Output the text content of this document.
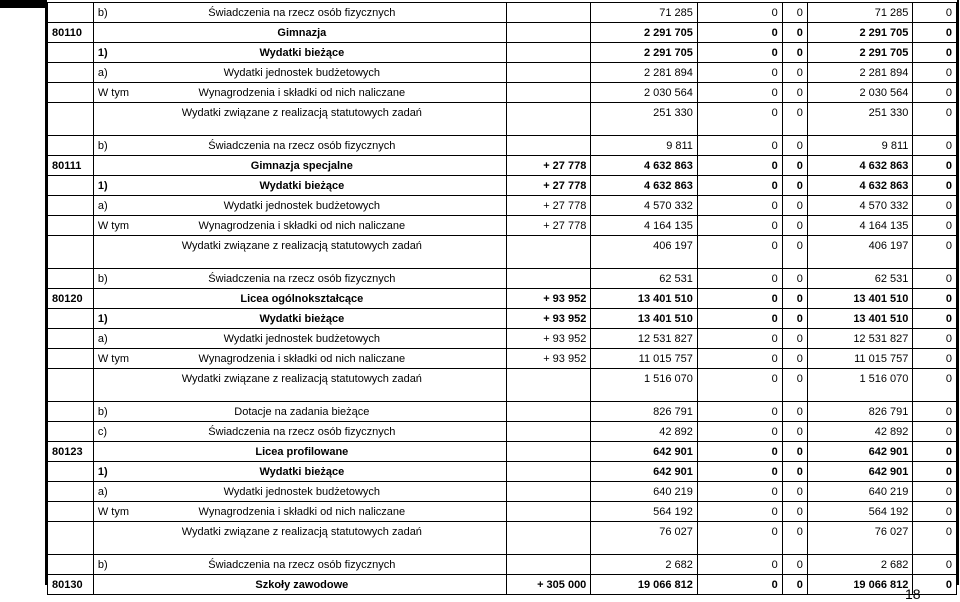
	b) Świadczenia na rzecz osób fizycznych		71 285	0	0	71 285	0
80110	Gimnazja		2 291 705	0	0	2 291 705	0
	1) Wydatki bieżące		2 291 705	0	0	2 291 705	0
	a) Wydatki jednostek budżetowych		2 281 894	0	0	2 281 894	0
	W tym Wynagrodzenia i składki od nich naliczane		2 030 564	0	0	2 030 564	0
	Wydatki związane z realizacją statutowych zadań		251 330	0	0	251 330	0
	b) Świadczenia na rzecz osób fizycznych		9 811	0	0	9 811	0
80111	Gimnazja specjalne	+ 27 778	4 632 863	0	0	4 632 863	0
	1) Wydatki bieżące	+ 27 778	4 632 863	0	0	4 632 863	0
	a) Wydatki jednostek budżetowych	+ 27 778	4 570 332	0	0	4 570 332	0
	W tym Wynagrodzenia i składki od nich naliczane	+ 27 778	4 164 135	0	0	4 164 135	0
	Wydatki związane z realizacją statutowych zadań		406 197	0	0	406 197	0
	b) Świadczenia na rzecz osób fizycznych		62 531	0	0	62 531	0
80120	Licea ogólnokształcące	+ 93 952	13 401 510	0	0	13 401 510	0
	1) Wydatki bieżące	+ 93 952	13 401 510	0	0	13 401 510	0
	a) Wydatki jednostek budżetowych	+ 93 952	12 531 827	0	0	12 531 827	0
	W tym Wynagrodzenia i składki od nich naliczane	+ 93 952	11 015 757	0	0	11 015 757	0
	Wydatki związane z realizacją statutowych zadań		1 516 070	0	0	1 516 070	0
	b) Dotacje na zadania bieżące		826 791	0	0	826 791	0
	c) Świadczenia na rzecz osób fizycznych		42 892	0	0	42 892	0
80123	Licea profilowane		642 901	0	0	642 901	0
	1) Wydatki bieżące		642 901	0	0	642 901	0
	a) Wydatki jednostek budżetowych		640 219	0	0	640 219	0
	W tym Wynagrodzenia i składki od nich naliczane		564 192	0	0	564 192	0
	Wydatki związane z realizacją statutowych zadań		76 027	0	0	76 027	0
	b) Świadczenia na rzecz osób fizycznych		2 682	0	0	2 682	0
80130	Szkoły zawodowe	+ 305 000	19 066 812	0	0	19 066 812	0
18
